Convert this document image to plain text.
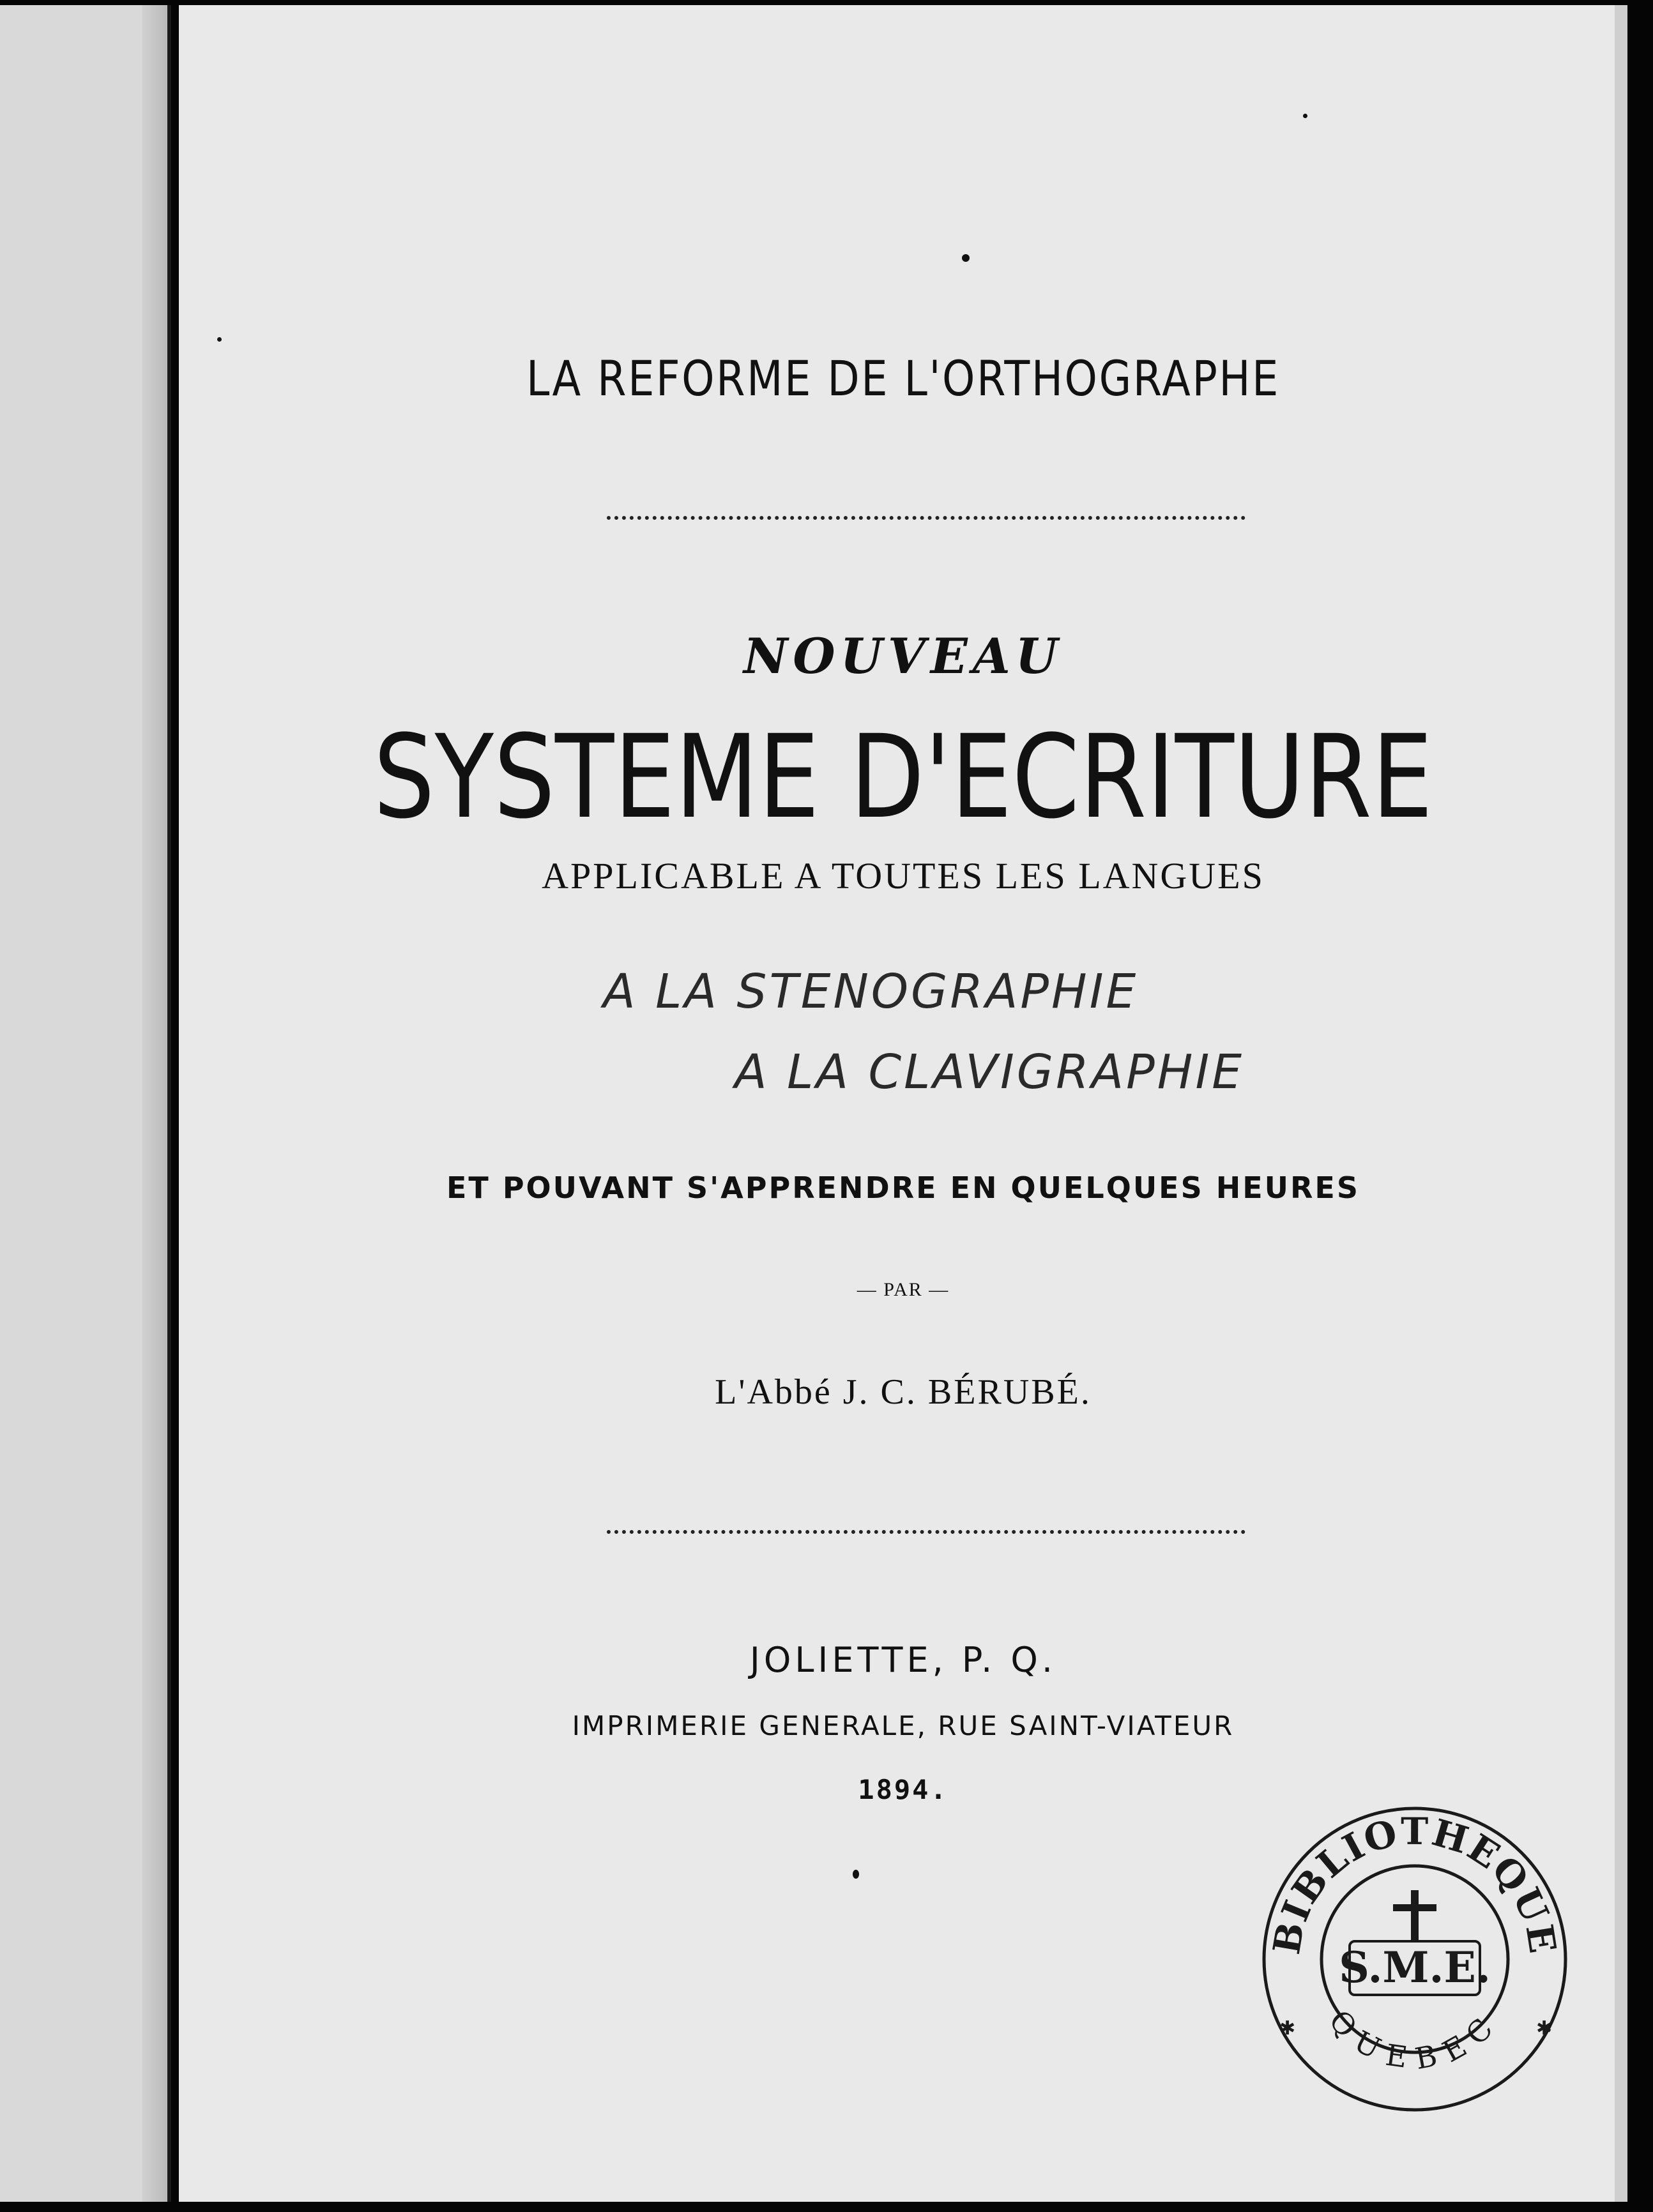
LA REFORME DE L'ORTHOGRAPHE
NOUVEAU
SYSTEME D'ECRITURE
APPLICABLE A TOUTES LES LANGUES
A LA STENOGRAPHIE
A LA CLAVIGRAPHIE
ET POUVANT S'APPRENDRE EN QUELQUES HEURES
— PAR —
L'Abbé J. C. BÉRUBÉ.
JOLIETTE, P. Q.
IMPRIMERIE GENERALE, RUE SAINT-VIATEUR
1894.
BIBLIOTHEQUE
QUEBEC
S.M.E.
✱	✱
